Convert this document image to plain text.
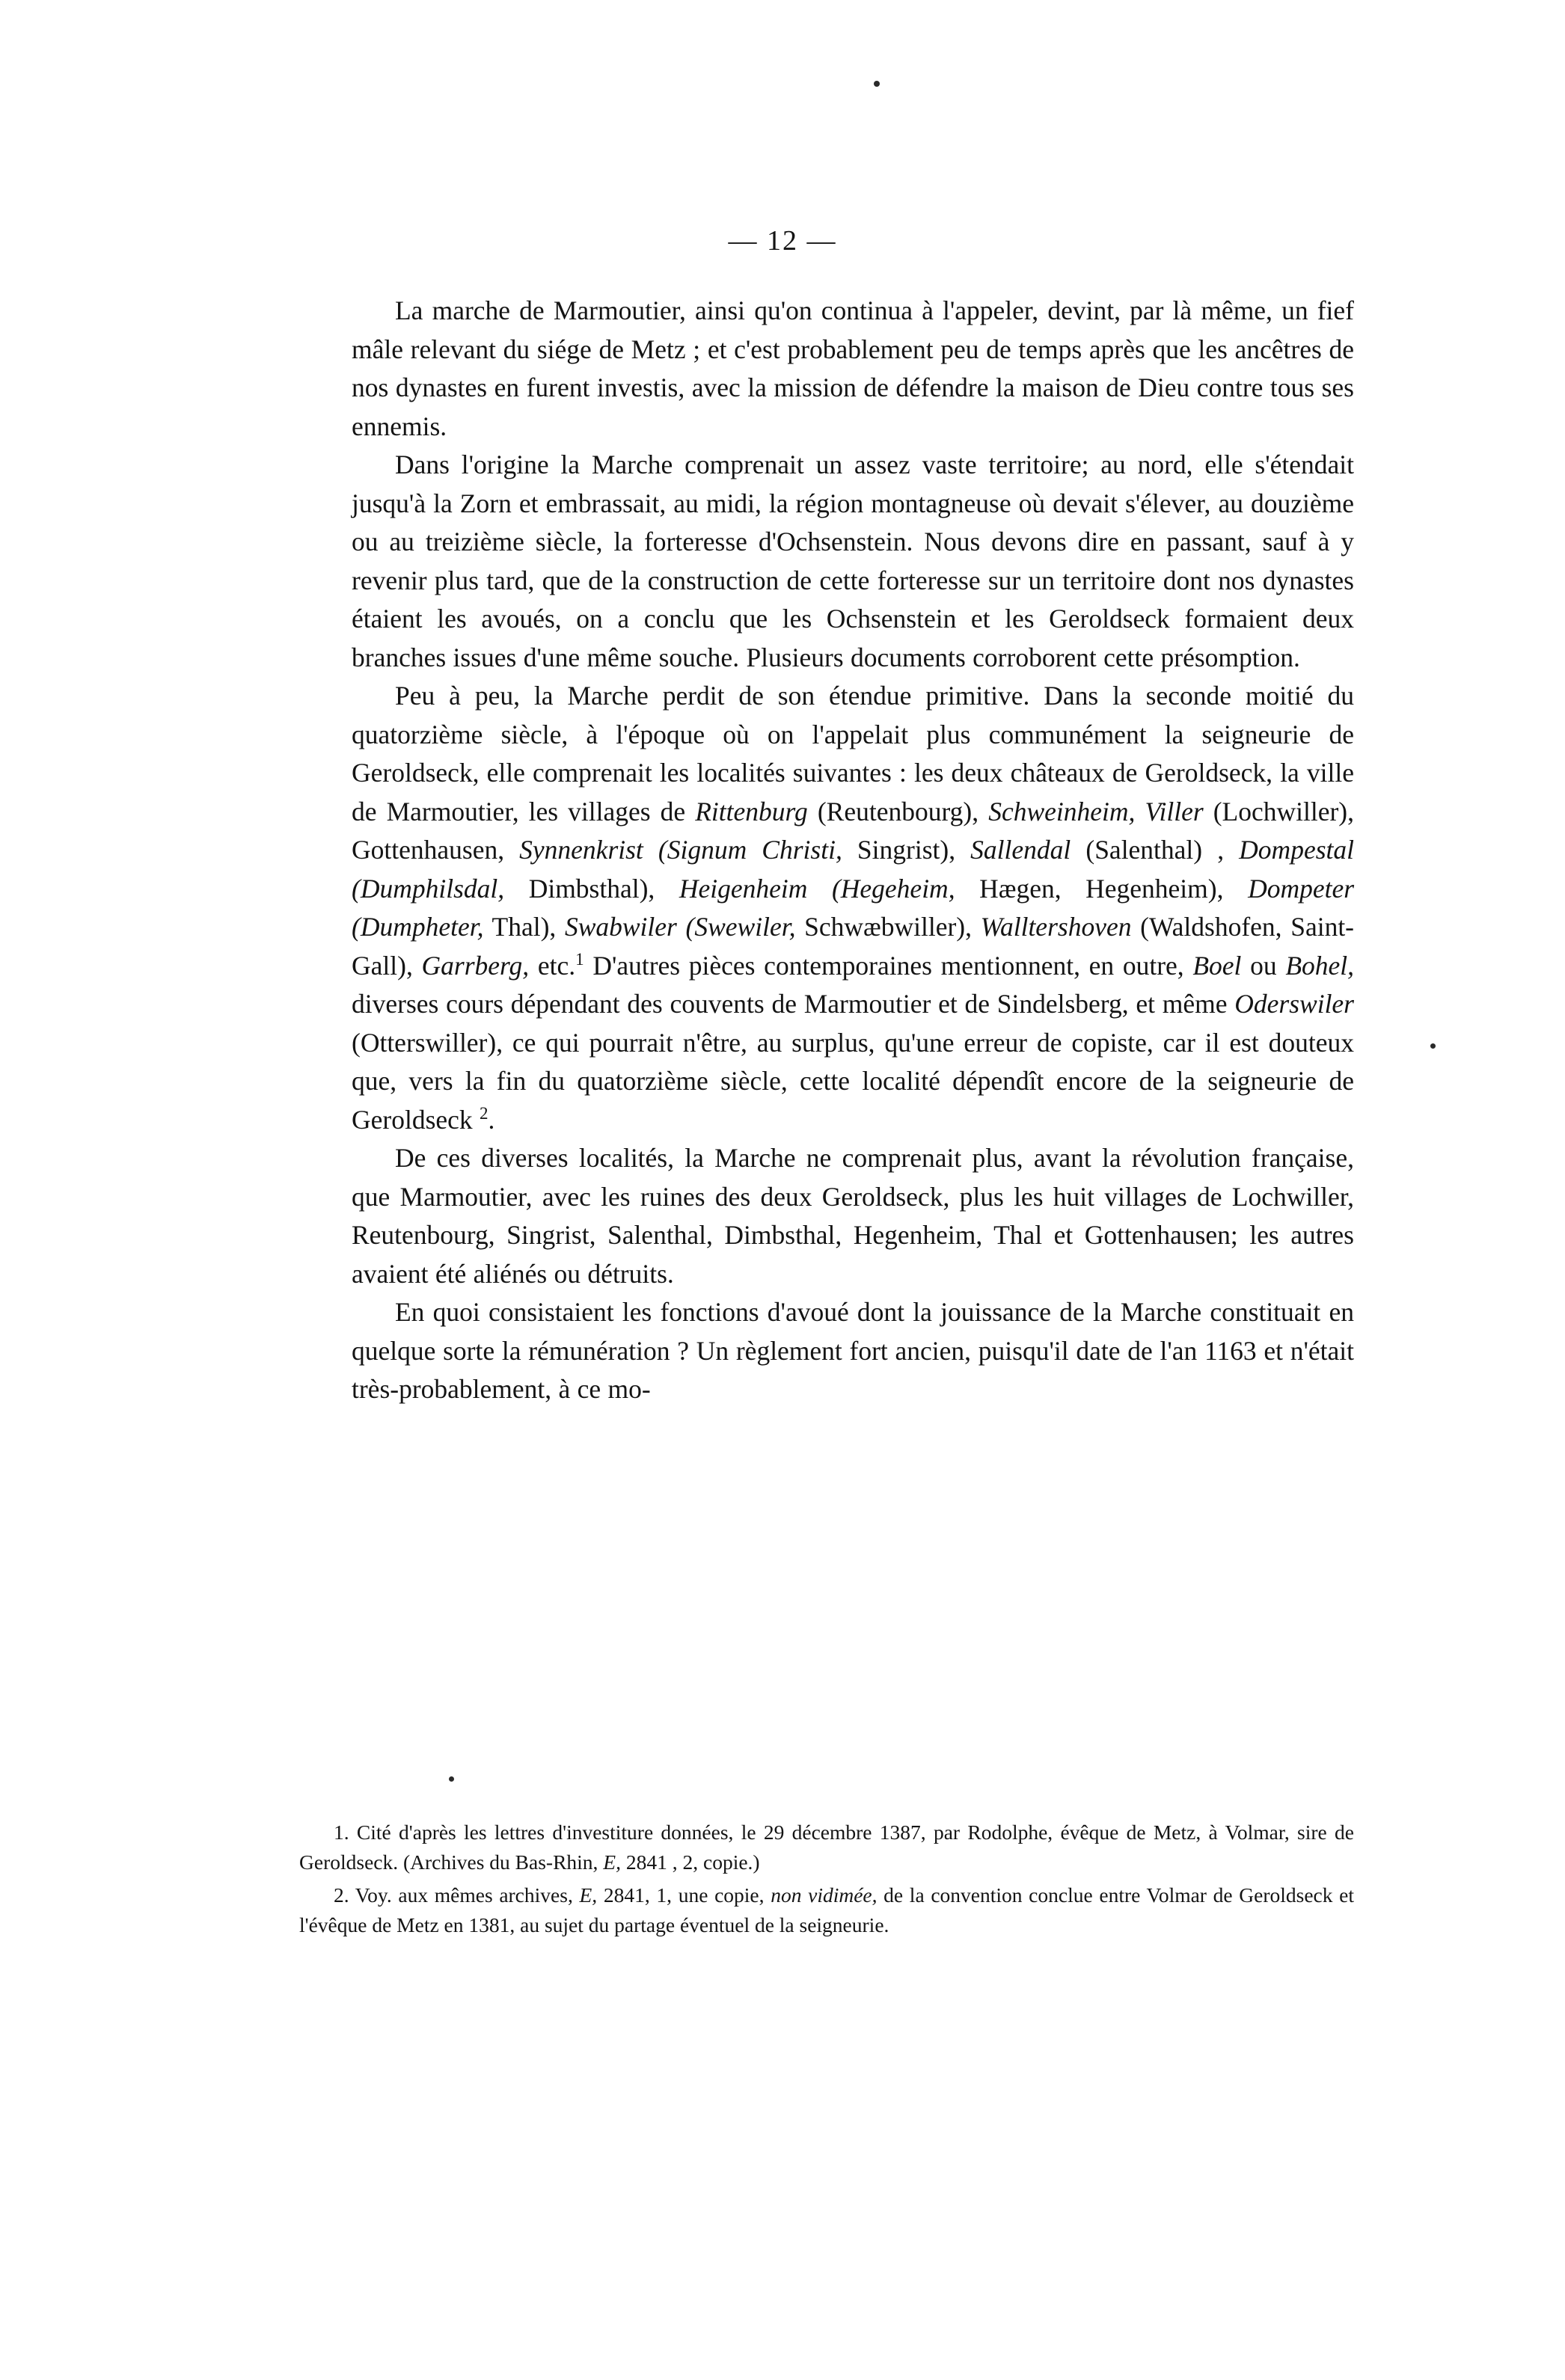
— 12 —

La marche de Marmoutier, ainsi qu'on continua à l'appeler, devint, par là même, un fief mâle relevant du siége de Metz ; et c'est probablement peu de temps après que les ancêtres de nos dynastes en furent investis, avec la mission de défendre la maison de Dieu contre tous ses ennemis.

Dans l'origine la Marche comprenait un assez vaste territoire; au nord, elle s'étendait jusqu'à la Zorn et embrassait, au midi, la région montagneuse où devait s'élever, au douzième ou au treizième siècle, la forteresse d'Ochsenstein. Nous devons dire en passant, sauf à y revenir plus tard, que de la construction de cette forteresse sur un territoire dont nos dynastes étaient les avoués, on a conclu que les Ochsenstein et les Geroldseck formaient deux branches issues d'une même souche. Plusieurs documents corroborent cette présomption.

Peu à peu, la Marche perdit de son étendue primitive. Dans la seconde moitié du quatorzième siècle, à l'époque où on l'appelait plus communément la seigneurie de Geroldseck, elle comprenait les localités suivantes : les deux châteaux de Geroldseck, la ville de Marmoutier, les villages de Rittenburg (Reutenbourg), Schweinheim, Viller (Lochwiller), Gottenhausen, Synnenkrist (Signum Christi, Singrist), Sallendal (Salenthal) , Dompestal (Dumphilsdal, Dimbsthal), Heigenheim (Hegeheim, Hægen, Hegenheim), Dompeter (Dumpheter, Thal), Swabwiler (Swewiler, Schwæbwiller), Walltershoven (Waldshofen, Saint-Gall), Garrberg, etc.$^1$ D'autres pièces contemporaines mentionnent, en outre, Boel ou Bohel, diverses cours dépendant des couvents de Marmoutier et de Sindelsberg, et même Oderswiler (Otterswiller), ce qui pourrait n'être, au surplus, qu'une erreur de copiste, car il est douteux que, vers la fin du quatorzième siècle, cette localité dépendît encore de la seigneurie de Geroldseck $^2$.

De ces diverses localités, la Marche ne comprenait plus, avant la révolution française, que Marmoutier, avec les ruines des deux Geroldseck, plus les huit villages de Lochwiller, Reutenbourg, Singrist, Salenthal, Dimbsthal, Hegenheim, Thal et Gottenhausen; les autres avaient été aliénés ou détruits.

En quoi consistaient les fonctions d'avoué dont la jouissance de la Marche constituait en quelque sorte la rémunération ? Un règlement fort ancien, puisqu'il date de l'an 1163 et n'était très-probablement, à ce mo-

1. Cité d'après les lettres d'investiture données, le 29 décembre 1387, par Rodolphe, évêque de Metz, à Volmar, sire de Geroldseck. (Archives du Bas-Rhin, E, 2841 , 2, copie.)

2. Voy. aux mêmes archives, E, 2841, 1, une copie, non vidimée, de la convention conclue entre Volmar de Geroldseck et l'évêque de Metz en 1381, au sujet du partage éventuel de la seigneurie.
